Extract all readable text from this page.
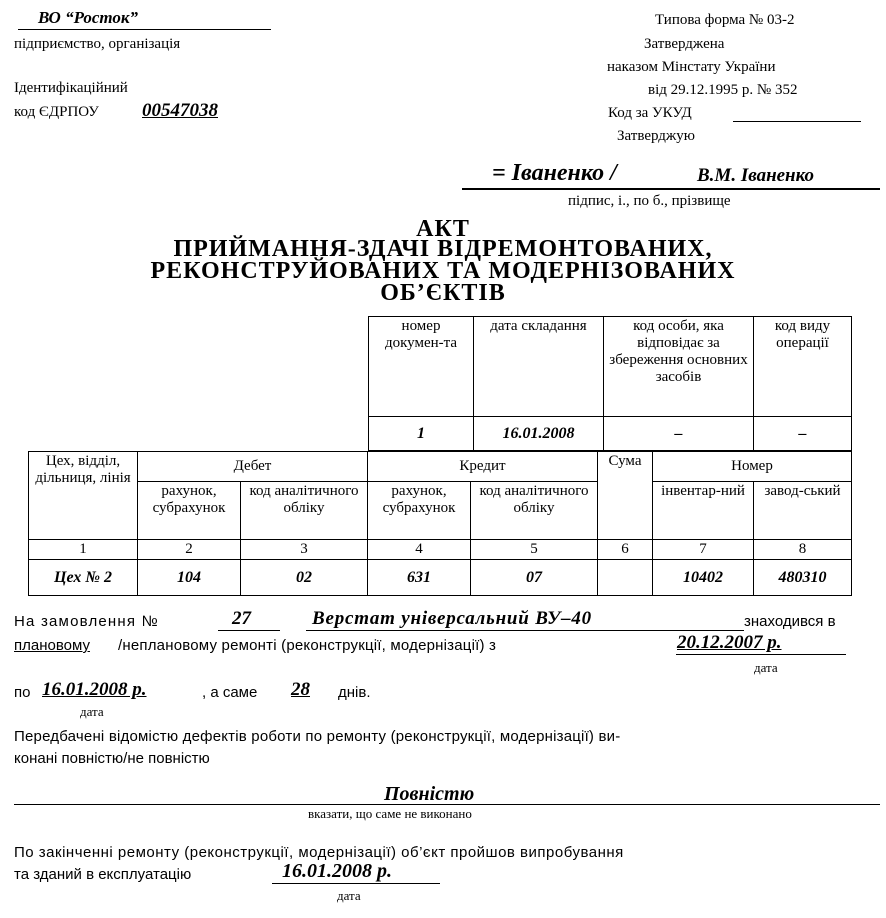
ВО “Росток”
підприємство, організація
Ідентифікаційний
код ЄДРПОУ 00547038
Типова форма № 03-2
Затверджена
наказом Мінстату України
від 29.12.1995 р. № 352
Код за УКУД
Затверджую
= Іваненко /	В.М. Іваненко
підпис, і., по б., прізвище
АКТ
ПРИЙМАННЯ-ЗДАЧІ ВІДРЕМОНТОВАНИХ,
РЕКОНСТРУЙОВАНИХ ТА МОДЕРНІЗОВАНИХ
ОБ’ЄКТІВ
номер докумен-та	дата складання	код особи, яка відповідає за збереження основних засобів	код виду операції
1	16.01.2008	–	–
Цех, відділ, дільниця, лінія	Дебет		Кредит		Сума	Номер	
	рахунок, субрахунок	код аналітичного обліку	рахунок, субрахунок	код аналітичного обліку		інвентар-ний	завод-ський
1	2	3	4	5	6	7	8
Цех № 2	104	02	631	07		10402	480310
На замовлення №	27	Верстат універсальний ВУ–40	знаходився в
плановому /неплановому ремонті (реконструкції, модернізації) з	20.12.2007 р.
дата
по 16.01.2008 р.	, а саме 28 днів.
дата
Передбачені відомістю дефектів роботи по ремонту (реконструкції, модернізації) ви-
конані повністю/не повністю
Повністю
вказати, що саме не виконано
По закінченні ремонту (реконструкції, модернізації) об’єкт пройшов випробування
та зданий в експлуатацію	16.01.2008 р.
дата
